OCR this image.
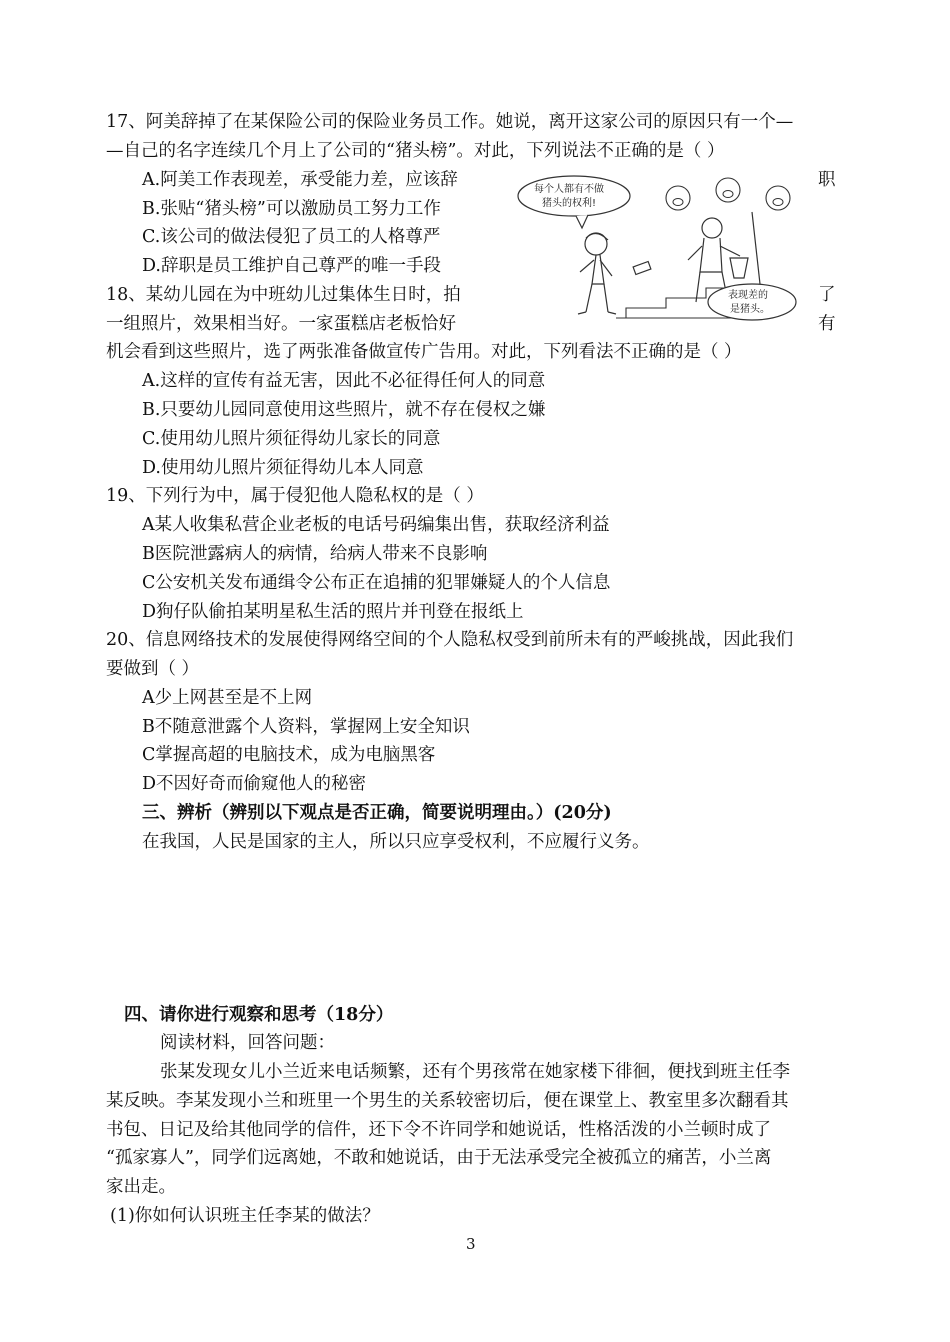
17、阿美辞掉了在某保险公司的保险业务员工作。她说，离开这家公司的原因只有一个—
—自己的名字连续几个月上了公司的“猪头榜”。对此，下列说法不正确的是（ ）
A.阿美工作表现差，承受能力差，应该辞	职
B.张贴“猪头榜”可以激励员工努力工作
C.该公司的做法侵犯了员工的人格尊严
D.辞职是员工维护自己尊严的唯一手段
每个人都有不做
猪头的权利!
表现差的
是猪头。
18、某幼儿园在为中班幼儿过集体生日时，拍	了
一组照片，效果相当好。一家蛋糕店老板恰好	有
机会看到这些照片，选了两张准备做宣传广告用。对此，下列看法不正确的是（ ）
A.这样的宣传有益无害，因此不必征得任何人的同意
B.只要幼儿园同意使用这些照片，就不存在侵权之嫌
C.使用幼儿照片须征得幼儿家长的同意
D.使用幼儿照片须征得幼儿本人同意
19、下列行为中，属于侵犯他人隐私权的是（ ）
A某人收集私营企业老板的电话号码编集出售，获取经济利益
B医院泄露病人的病情，给病人带来不良影响
C公安机关发布通缉令公布正在追捕的犯罪嫌疑人的个人信息
D狗仔队偷拍某明星私生活的照片并刊登在报纸上
20、信息网络技术的发展使得网络空间的个人隐私权受到前所未有的严峻挑战，因此我们
要做到（ ）
A少上网甚至是不上网
B不随意泄露个人资料，掌握网上安全知识
C掌握高超的电脑技术，成为电脑黑客
D不因好奇而偷窥他人的秘密
三、辨析（辨别以下观点是否正确，简要说明理由。）(20分)
在我国，人民是国家的主人，所以只应享受权利，不应履行义务。
四、请你进行观察和思考（18分）
阅读材料，回答问题：
张某发现女儿小兰近来电话频繁，还有个男孩常在她家楼下徘徊，便找到班主任李
某反映。李某发现小兰和班里一个男生的关系较密切后，便在课堂上、教室里多次翻看其
书包、日记及给其他同学的信件，还下令不许同学和她说话，性格活泼的小兰顿时成了
“孤家寡人”，同学们远离她，不敢和她说话，由于无法承受完全被孤立的痛苦，小兰离
家出走。
(1)你如何认识班主任李某的做法？
3
